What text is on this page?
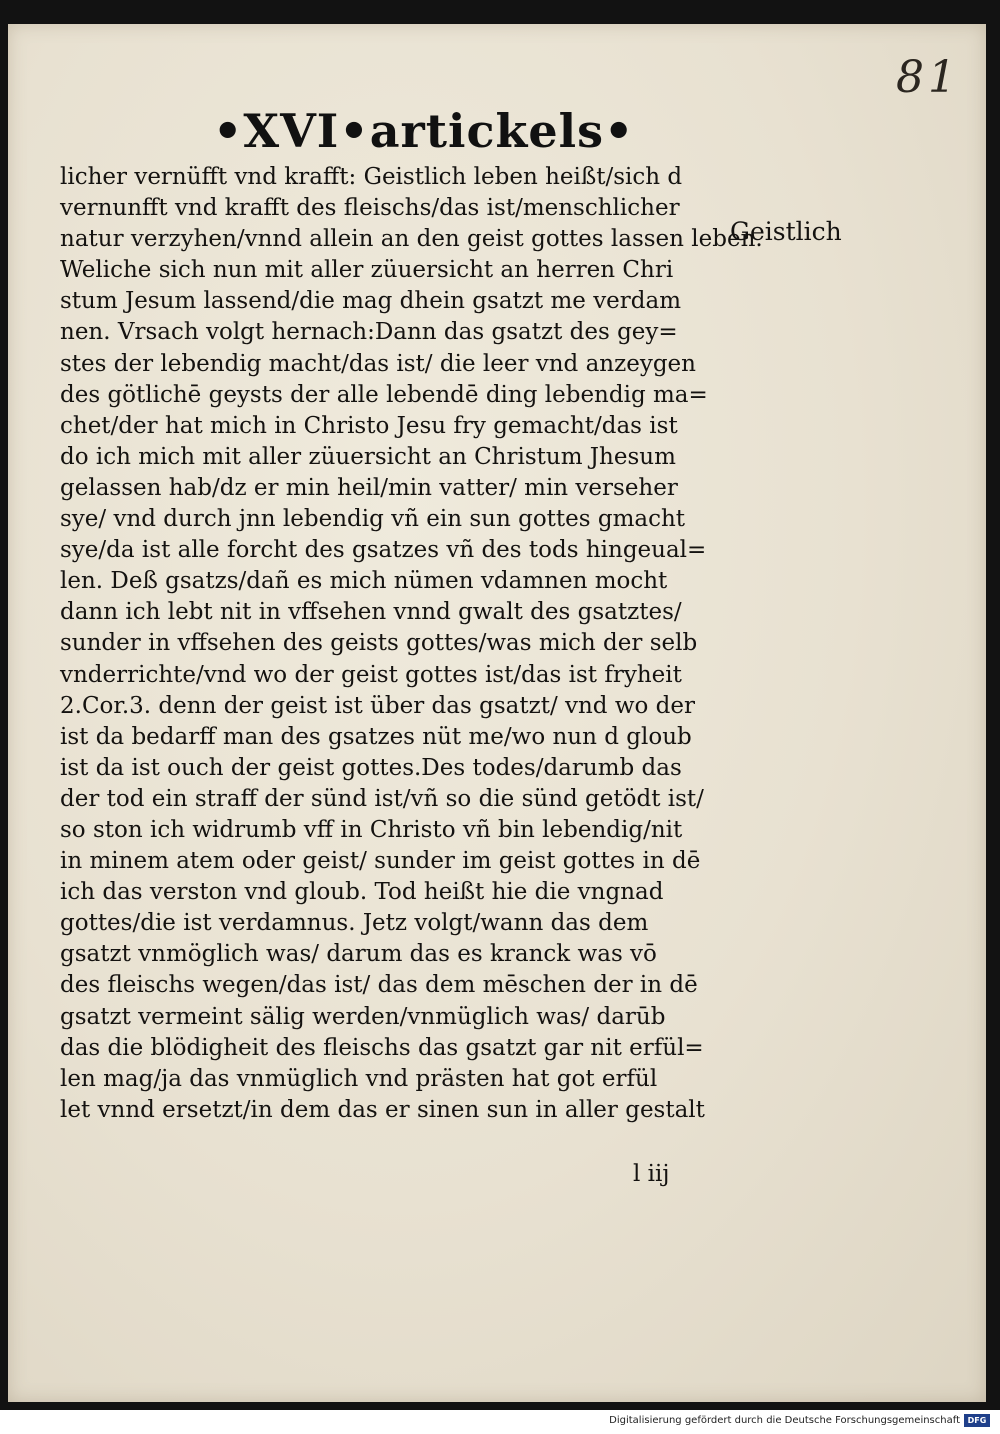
81
•XVI•artickels•
Geistlich
licher vernüfft vnd krafft: Geistlich leben heißt/sich d
vernunfft vnd krafft des fleischs/das ist/menschlicher
natur verzyhen/vnnd allein an den geist gottes lassen leben.
Weliche sich nun mit aller züuersicht an herren Chri
stum Jesum lassend/die mag dhein gsatzt me verdam
nen. Vrsach volgt hernach:Dann das gsatzt des gey=
stes der lebendig macht/das ist/ die leer vnd anzeygen
des götlichē geysts der alle lebendē ding lebendig ma=
chet/der hat mich in Christo Jesu fry gemacht/das ist
do ich mich mit aller züuersicht an Christum Jhesum
gelassen hab/dz er min heil/min vatter/ min verseher
sye/ vnd durch jnn lebendig vñ ein sun gottes gmacht
sye/da ist alle forcht des gsatzes vñ des tods hingeual=
len. Deß gsatzs/dañ es mich nümen vdamnen mocht
dann ich lebt nit in vffsehen vnnd gwalt des gsatztes/
sunder in vffsehen des geists gottes/was mich der selb
vnderrichte/vnd wo der geist gottes ist/das ist fryheit
2.Cor.3. denn der geist ist über das gsatzt/ vnd wo der
ist da bedarff man des gsatzes nüt me/wo nun d gloub
ist da ist ouch der geist gottes.Des todes/darumb das
der tod ein straff der sünd ist/vñ so die sünd getödt ist/
so ston ich widrumb vff in Christo vñ bin lebendig/nit
in minem atem oder geist/ sunder im geist gottes in dē
ich das verston vnd gloub. Tod heißt hie die vngnad
gottes/die ist verdamnus. Jetz volgt/wann das dem
gsatzt vnmöglich was/ darum das es kranck was vō
des fleischs wegen/das ist/ das dem mēschen der in dē
gsatzt vermeint sälig werden/vnmüglich was/ darūb
das die blödigheit des fleischs das gsatzt gar nit erfül=
len mag/ja das vnmüglich vnd prästen hat got erfül
let vnnd ersetzt/in dem das er sinen sun in aller gestalt
l iij
Digitalisierung gefördert durch die Deutsche Forschungsgemeinschaft DFG
